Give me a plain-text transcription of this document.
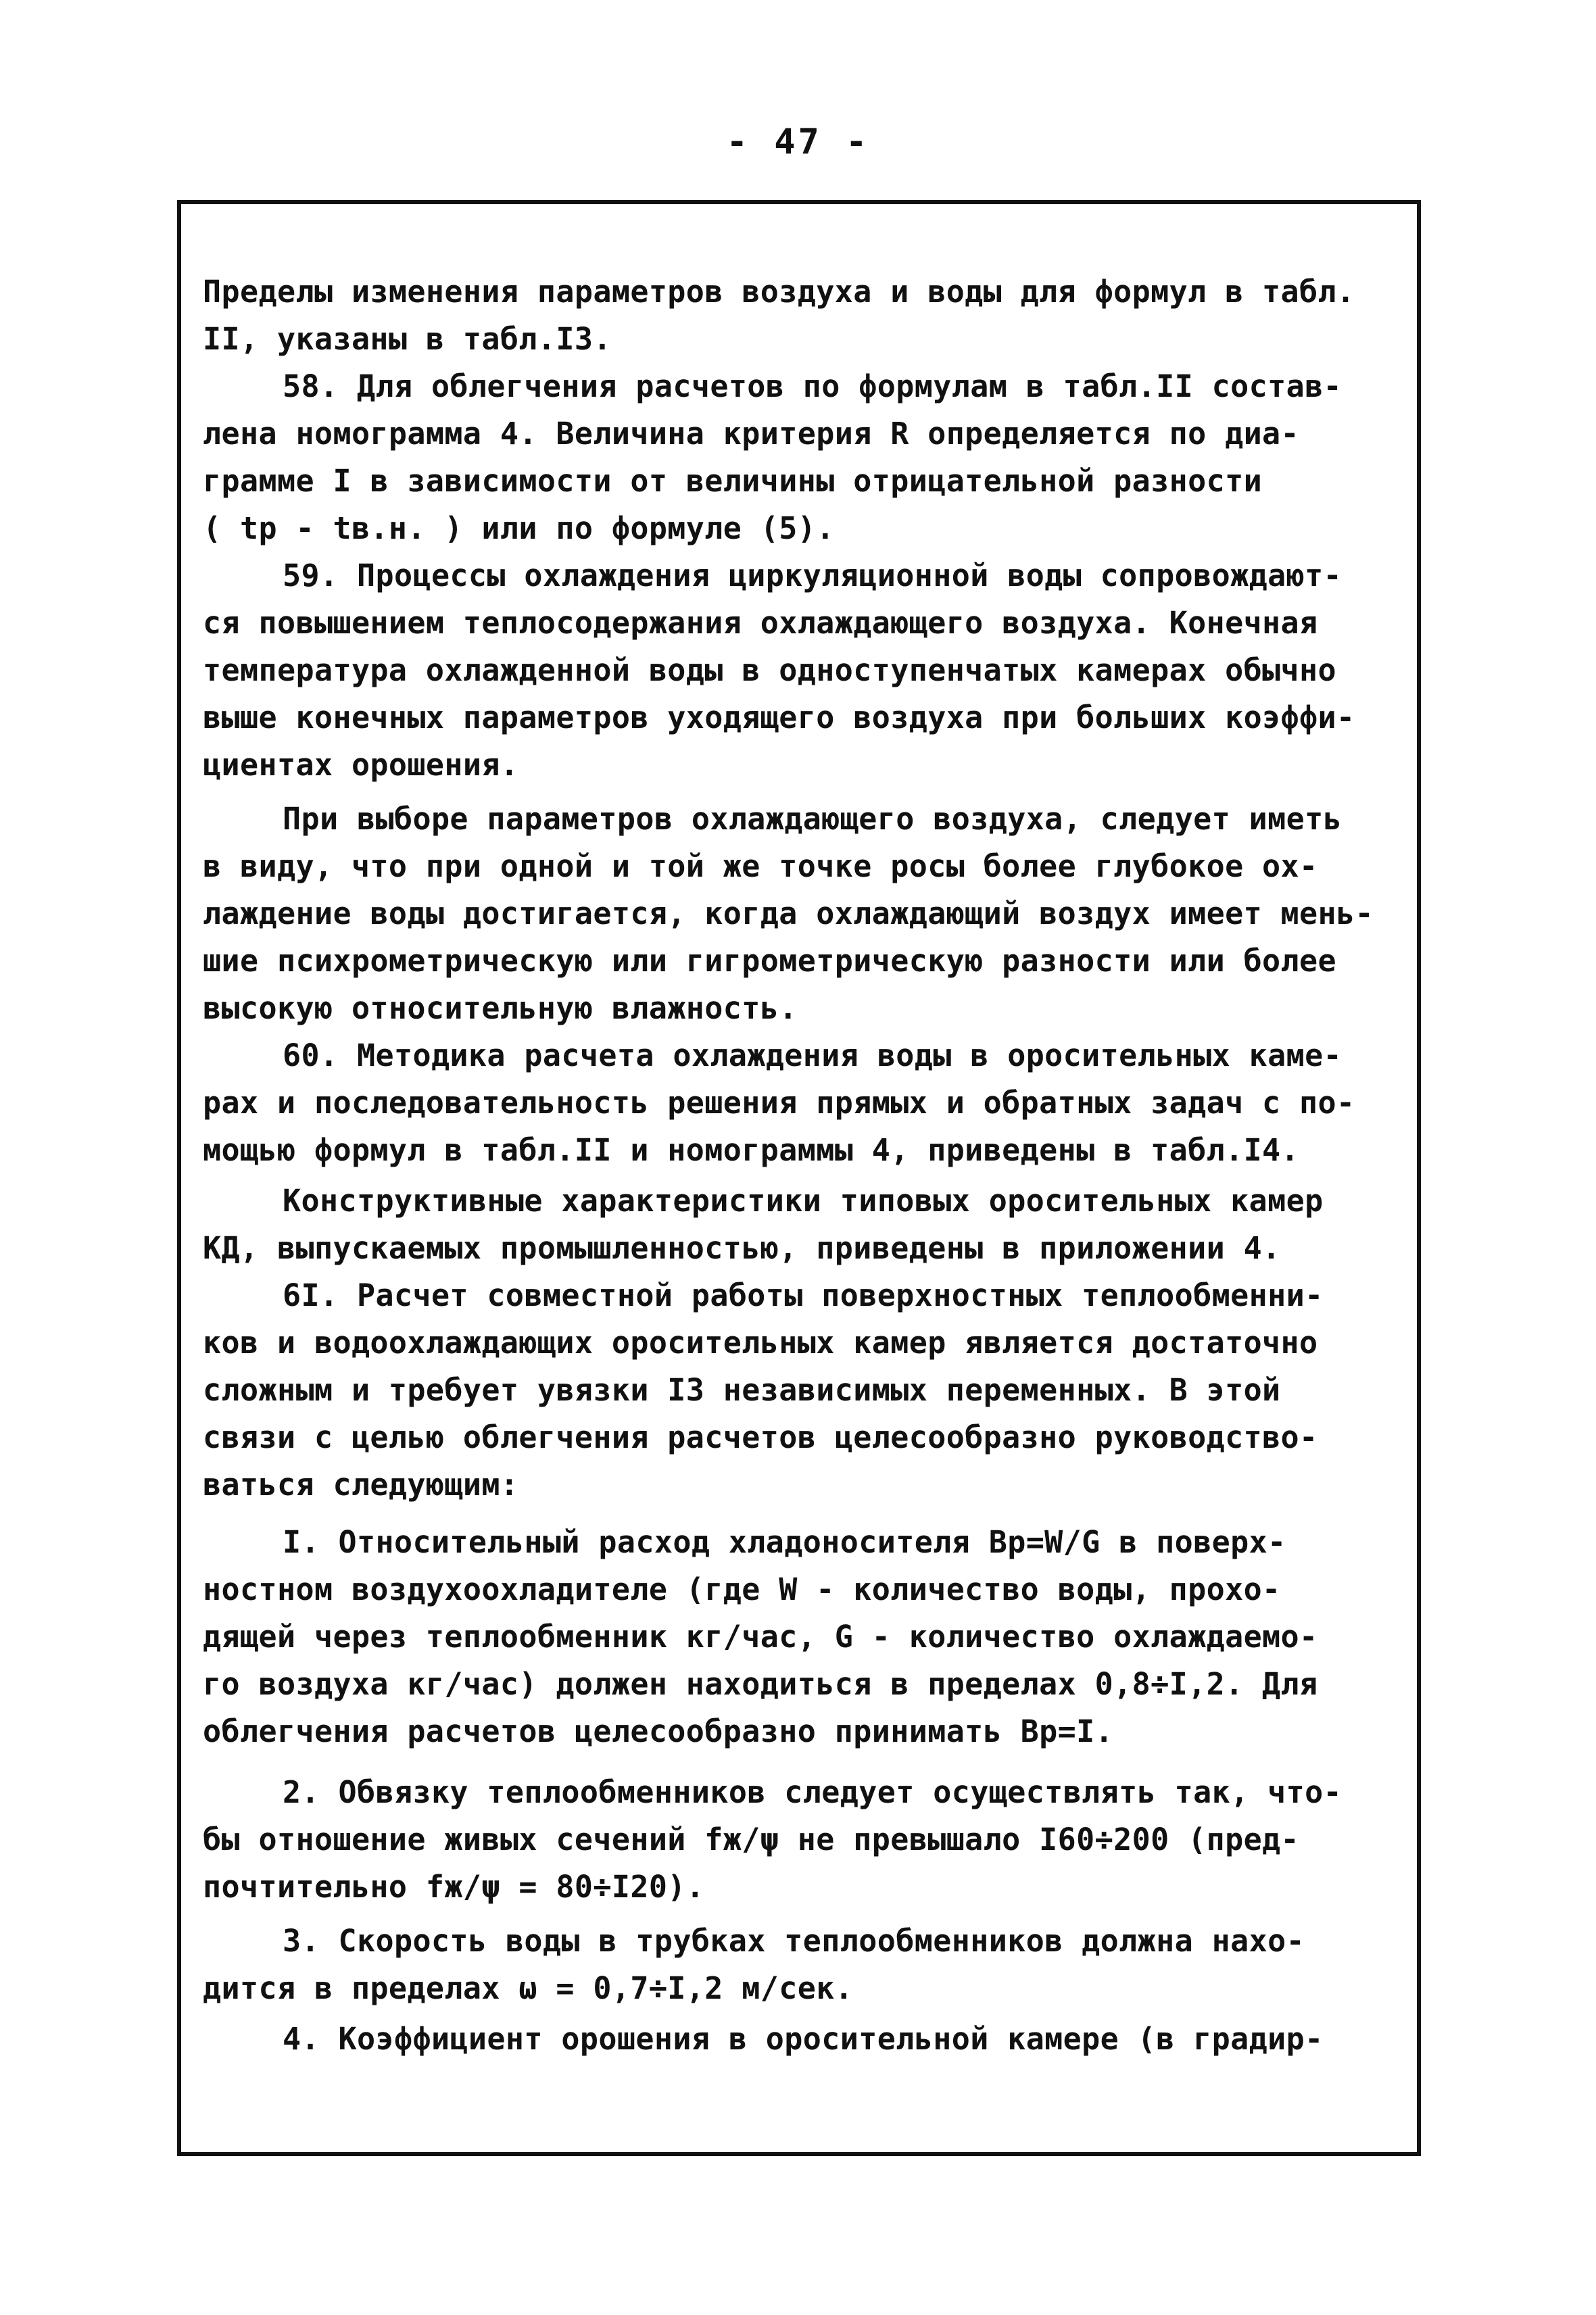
- 47 -
Пределы изменения параметров воздуха и воды для формул в табл.
II, указаны в табл.I3.
58. Для облегчения расчетов по формулам в табл.II состав-
лена номограмма 4. Величина критерия R определяется по диа-
грамме I в зависимости от величины отрицательной разности
( tр - tв.н. ) или по формуле (5).
59. Процессы охлаждения циркуляционной воды сопровождают-
ся повышением теплосодержания охлаждающего воздуха. Конечная
температура охлажденной воды в одноступенчатых камерах обычно
выше конечных параметров уходящего воздуха при больших коэффи-
циентах орошения.
При выборе параметров охлаждающего воздуха, следует иметь
в виду, что при одной и той же точке росы более глубокое ох-
лаждение воды достигается, когда охлаждающий воздух имеет мень-
шие психрометрическую или гигрометрическую разности или более
высокую относительную влажность.
60. Методика расчета охлаждения воды в оросительных каме-
рах и последовательность решения прямых и обратных задач с по-
мощью формул в табл.II и номограммы 4, приведены в табл.I4.
Конструктивные характеристики типовых оросительных камер
КД, выпускаемых промышленностью, приведены в приложении 4.
6I. Расчет совместной работы поверхностных теплообменни-
ков и водоохлаждающих оросительных камер является достаточно
сложным и требует увязки I3 независимых переменных. В этой
связи с целью облегчения расчетов целесообразно руководство-
ваться следующим:
I. Относительный расход хладоносителя Bр=W/G в поверх-
ностном воздухоохладителе (где W - количество воды, прохо-
дящей через теплообменник кг/час, G - количество охлаждаемо-
го воздуха кг/час) должен находиться в пределах 0,8÷I,2. Для
облегчения расчетов целесообразно принимать Bр=I.
2. Обвязку теплообменников следует осуществлять так, что-
бы отношение живых сечений fж/ψ не превышало I60÷200 (пред-
почтительно fж/ψ = 80÷I20).
3. Скорость воды в трубках теплообменников должна нахо-
дится в пределах ω = 0,7÷I,2 м/сек.
4. Коэффициент орошения в оросительной камере (в градир-
